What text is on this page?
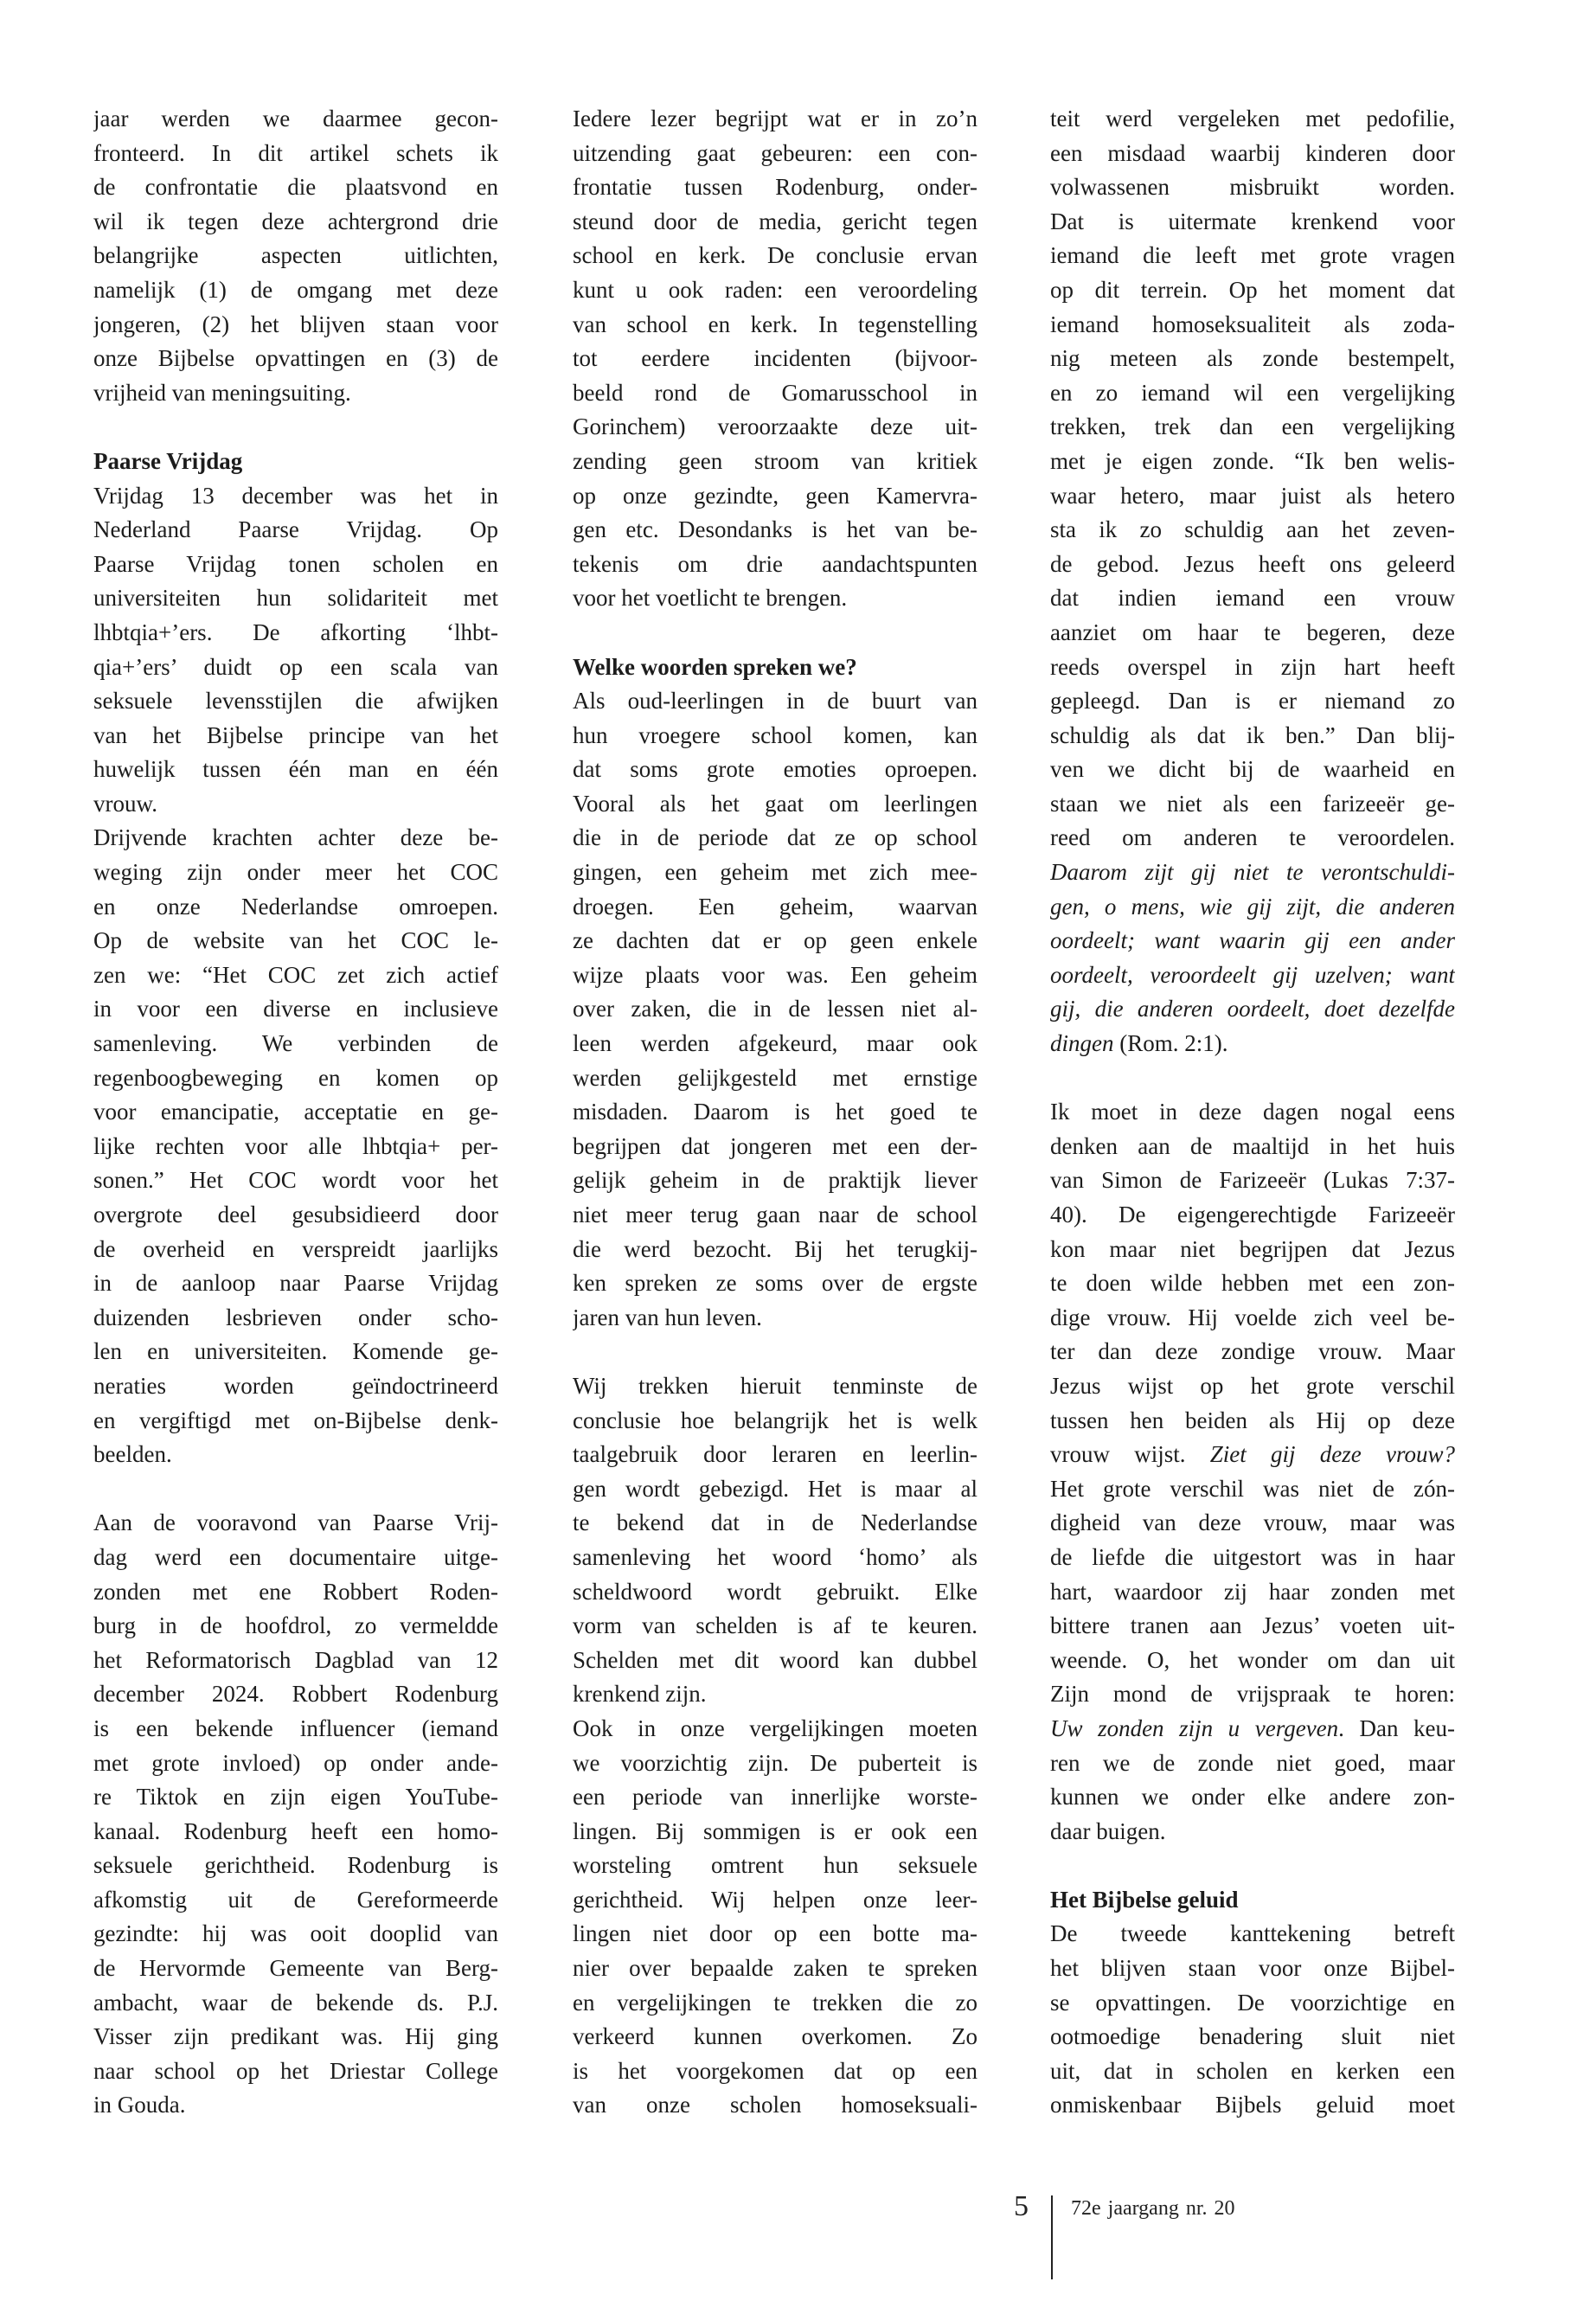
jaar werden we daarmee gecon-
fronteerd. In dit artikel schets ik
de confrontatie die plaatsvond en
wil ik tegen deze achtergrond drie
belangrijke aspecten uitlichten,
namelijk (1) de omgang met deze
jongeren, (2) het blijven staan voor
onze Bijbelse opvattingen en (3) de
vrijheid van meningsuiting.
Paarse Vrijdag
Vrijdag 13 december was het in
Nederland Paarse Vrijdag. Op
Paarse Vrijdag tonen scholen en
universiteiten hun solidariteit met
lhbtqia+’ers. De afkorting ‘lhbt-
qia+’ers’ duidt op een scala van
seksuele levensstijlen die afwijken
van het Bijbelse principe van het
huwelijk tussen één man en één
vrouw.
Drijvende krachten achter deze be-
weging zijn onder meer het COC
en onze Nederlandse omroepen.
Op de website van het COC le-
zen we: “Het COC zet zich actief
in voor een diverse en inclusieve
samenleving. We verbinden de
regenboogbeweging en komen op
voor emancipatie, acceptatie en ge-
lijke rechten voor alle lhbtqia+ per-
sonen.” Het COC wordt voor het
overgrote deel gesubsidieerd door
de overheid en verspreidt jaarlijks
in de aanloop naar Paarse Vrijdag
duizenden lesbrieven onder scho-
len en universiteiten. Komende ge-
neraties worden geïndoctrineerd
en vergiftigd met on-Bijbelse denk-
beelden.
Aan de vooravond van Paarse Vrij-
dag werd een documentaire uitge-
zonden met ene Robbert Roden-
burg in de hoofdrol, zo vermeldde
het Reformatorisch Dagblad van 12
december 2024. Robbert Rodenburg
is een bekende influencer (iemand
met grote invloed) op onder ande-
re Tiktok en zijn eigen YouTube-
kanaal. Rodenburg heeft een homo-
seksuele gerichtheid. Rodenburg is
afkomstig uit de Gereformeerde
gezindte: hij was ooit dooplid van
de Hervormde Gemeente van Berg-
ambacht, waar de bekende ds. P.J.
Visser zijn predikant was. Hij ging
naar school op het Driestar College
in Gouda.
Iedere lezer begrijpt wat er in zo’n
uitzending gaat gebeuren: een con-
frontatie tussen Rodenburg, onder-
steund door de media, gericht tegen
school en kerk. De conclusie ervan
kunt u ook raden: een veroordeling
van school en kerk. In tegenstelling
tot eerdere incidenten (bijvoor-
beeld rond de Gomarusschool in
Gorinchem) veroorzaakte deze uit-
zending geen stroom van kritiek
op onze gezindte, geen Kamervra-
gen etc. Desondanks is het van be-
tekenis om drie aandachtspunten
voor het voetlicht te brengen.
Welke woorden spreken we?
Als oud-leerlingen in de buurt van
hun vroegere school komen, kan
dat soms grote emoties oproepen.
Vooral als het gaat om leerlingen
die in de periode dat ze op school
gingen, een geheim met zich mee-
droegen. Een geheim, waarvan
ze dachten dat er op geen enkele
wijze plaats voor was. Een geheim
over zaken, die in de lessen niet al-
leen werden afgekeurd, maar ook
werden gelijkgesteld met ernstige
misdaden. Daarom is het goed te
begrijpen dat jongeren met een der-
gelijk geheim in de praktijk liever
niet meer terug gaan naar de school
die werd bezocht. Bij het terugkij-
ken spreken ze soms over de ergste
jaren van hun leven.
Wij trekken hieruit tenminste de
conclusie hoe belangrijk het is welk
taalgebruik door leraren en leerlin-
gen wordt gebezigd. Het is maar al
te bekend dat in de Nederlandse
samenleving het woord ‘homo’ als
scheldwoord wordt gebruikt. Elke
vorm van schelden is af te keuren.
Schelden met dit woord kan dubbel
krenkend zijn.
Ook in onze vergelijkingen moeten
we voorzichtig zijn. De puberteit is
een periode van innerlijke worste-
lingen. Bij sommigen is er ook een
worsteling omtrent hun seksuele
gerichtheid. Wij helpen onze leer-
lingen niet door op een botte ma-
nier over bepaalde zaken te spreken
en vergelijkingen te trekken die zo
verkeerd kunnen overkomen. Zo
is het voorgekomen dat op een
van onze scholen homoseksuali-
teit werd vergeleken met pedofilie,
een misdaad waarbij kinderen door
volwassenen misbruikt worden.
Dat is uitermate krenkend voor
iemand die leeft met grote vragen
op dit terrein. Op het moment dat
iemand homoseksualiteit als zoda-
nig meteen als zonde bestempelt,
en zo iemand wil een vergelijking
trekken, trek dan een vergelijking
met je eigen zonde. “Ik ben welis-
waar hetero, maar juist als hetero
sta ik zo schuldig aan het zeven-
de gebod. Jezus heeft ons geleerd
dat indien iemand een vrouw
aanziet om haar te begeren, deze
reeds overspel in zijn hart heeft
gepleegd. Dan is er niemand zo
schuldig als dat ik ben.” Dan blij-
ven we dicht bij de waarheid en
staan we niet als een farizeeër ge-
reed om anderen te veroordelen.
Daarom zijt gij niet te verontschuldi-
gen, o mens, wie gij zijt, die anderen
oordeelt; want waarin gij een ander
oordeelt, veroordeelt gij uzelven; want
gij, die anderen oordeelt, doet dezelfde
dingen (Rom. 2:1).
Ik moet in deze dagen nogal eens
denken aan de maaltijd in het huis
van Simon de Farizeeër (Lukas 7:37-
40). De eigengerechtigde Farizeeër
kon maar niet begrijpen dat Jezus
te doen wilde hebben met een zon-
dige vrouw. Hij voelde zich veel be-
ter dan deze zondige vrouw. Maar
Jezus wijst op het grote verschil
tussen hen beiden als Hij op deze
vrouw wijst. Ziet gij deze vrouw?
Het grote verschil was niet de zón-
digheid van deze vrouw, maar was
de liefde die uitgestort was in haar
hart, waardoor zij haar zonden met
bittere tranen aan Jezus’ voeten uit-
weende. O, het wonder om dan uit
Zijn mond de vrijspraak te horen:
Uw zonden zijn u vergeven. Dan keu-
ren we de zonde niet goed, maar
kunnen we onder elke andere zon-
daar buigen.
Het Bijbelse geluid
De tweede kanttekening betreft
het blijven staan voor onze Bijbel-
se opvattingen. De voorzichtige en
ootmoedige benadering sluit niet
uit, dat in scholen en kerken een
onmiskenbaar Bijbels geluid moet
5 72e jaargang nr. 20
